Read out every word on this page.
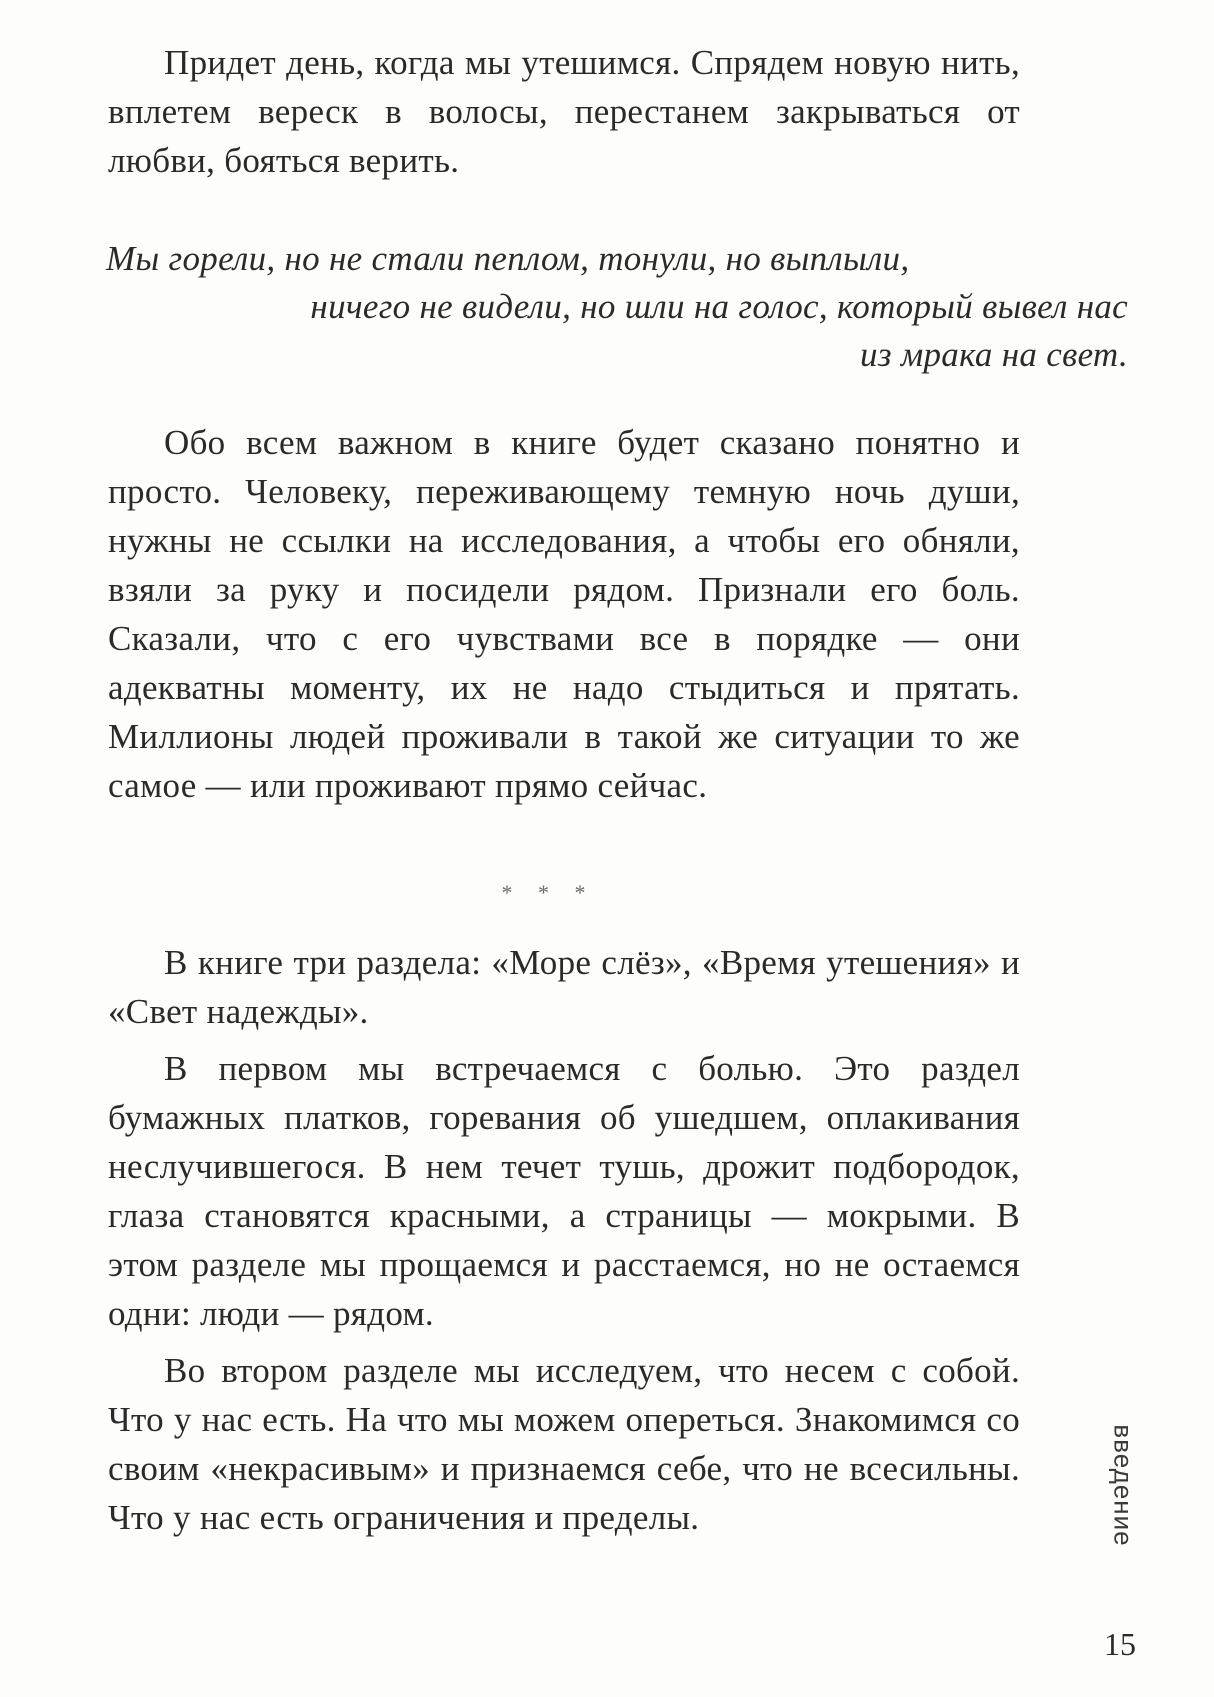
Придет день, когда мы утешимся. Спрядем новую нить, вплетем вереск в волосы, перестанем закрываться от любви, бояться верить.

Мы горели, но не стали пеплом, тонули, но выплыли,
ничего не видели, но шли на голос, который вывел нас
из мрака на свет.

Обо всем важном в книге будет сказано понятно и просто. Человеку, переживающему темную ночь души, нужны не ссылки на исследования, а чтобы его обняли, взяли за руку и посидели рядом. Признали его боль. Сказали, что с его чувствами все в порядке — они адекватны моменту, их не надо стыдиться и прятать. Миллионы людей проживали в такой же ситуации то же самое — или проживают прямо сейчас.

* * *

В книге три раздела: «Море слёз», «Время утешения» и «Свет надежды».

В первом мы встречаемся с болью. Это раздел бумажных платков, горевания об ушедшем, оплакивания неслучившегося. В нем течет тушь, дрожит подбородок, глаза становятся красными, а страницы — мокрыми. В этом разделе мы прощаемся и расстаемся, но не остаемся одни: люди — рядом.

Во втором разделе мы исследуем, что несем с собой. Что у нас есть. На что мы можем опереться. Знакомимся со своим «некрасивым» и признаемся себе, что не всесильны. Что у нас есть ограничения и пределы.	введение
15
